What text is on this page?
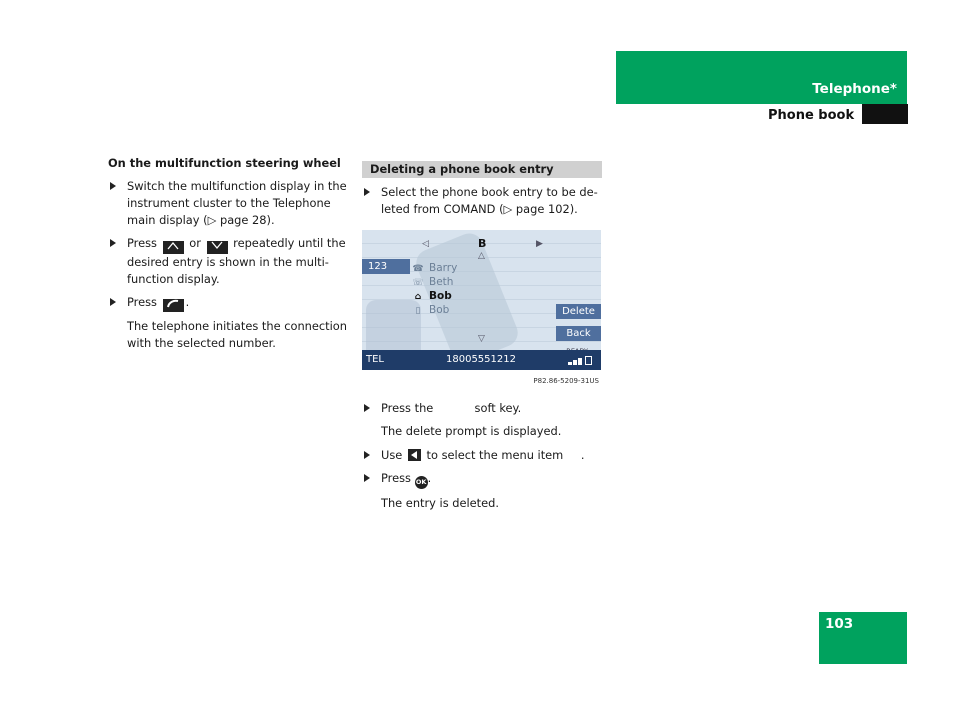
Telephone*
Phone book
On the multifunction steering wheel
Switch the multifunction display in the instrument cluster to the Telephone main display (▷ page 28).
Press	or	repeatedly until the desired entry is shown in the multi-function display.
Press	.
The telephone initiates the connection with the selected number.
Deleting a phone book entry
Select the phone book entry to be de-leted from COMAND (▷ page 102).
◁	B	▶
△
123	☎ Barry
☏ Beth
⌂ Bob
▯ Bob
▽
Delete
Back
TEL	18005551212
P82.86-5209-31US
Press the	soft key.
The delete prompt is displayed.
Use to select the menu item .
Press OK.
The entry is deleted.
103
